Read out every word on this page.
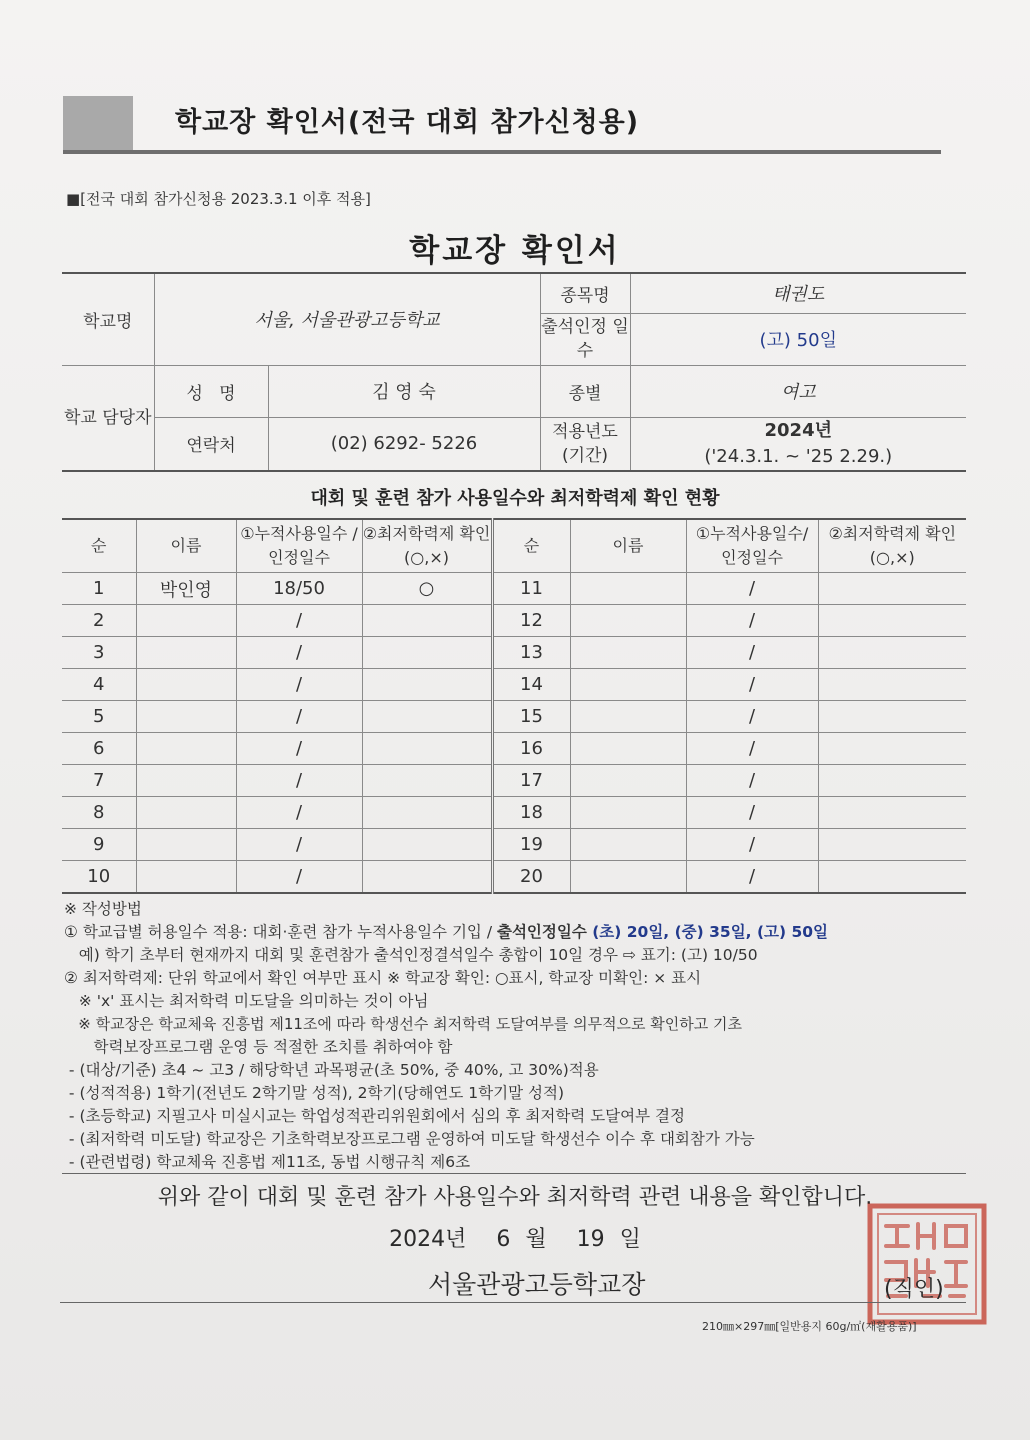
학교장 확인서(전국 대회 참가신청용)
■[전국 대회 참가신청용 2023.3.1 이후 적용]
학교장 확인서
학교명	서울, 서울관광고등학교		종목명	태권도
			출석인정 일수	(고) 50일
학교 담당자	성   명	김 영 숙	종별	여고
	연락처	(02) 6292- 5226	적용년도 (기간)	2024년
('24.3.1. ~ '25 2.29.)
대회 및 훈련 참가 사용일수와 최저학력제 확인 현황
순	이름	①누적사용일수 /인정일수	②최저학력제 확인(○,×)	순	이름	①누적사용일수/ 인정일수	②최저학력제 확인(○,×)
1	박인영	18/50	○	11		/	
2		/		12		/	
3		/		13		/	
4		/		14		/	
5		/		15		/	
6		/		16		/	
7		/		17		/	
8		/		18		/	
9		/		19		/	
10		/		20		/	
※ 작성방법
① 학교급별 허용일수 적용: 대회·훈련 참가 누적사용일수 기입 / 출석인정일수 (초) 20일, (중) 35일, (고) 50일
예) 학기 초부터 현재까지 대회 및 훈련참가 출석인정결석일수 총합이 10일 경우 ⇨ 표기: (고) 10/50
② 최저학력제: 단위 학교에서 확인 여부만 표시 ※ 학교장 확인: ○표시, 학교장 미확인: × 표시
※ 'x' 표시는 최저학력 미도달을 의미하는 것이 아님
※ 학교장은 학교체육 진흥법 제11조에 따라 학생선수 최저학력 도달여부를 의무적으로 확인하고 기초
학력보장프로그램 운영 등 적절한 조치를 취하여야 함
- (대상/기준) 초4 ~ 고3 / 해당학년 과목평균(초 50%, 중 40%, 고 30%)적용
- (성적적용) 1학기(전년도 2학기말 성적), 2학기(당해연도 1학기말 성적)
- (초등학교) 지필고사 미실시교는 학업성적관리위원회에서 심의 후 최저학력 도달여부 결정
- (최저학력 미도달) 학교장은 기초학력보장프로그램 운영하여 미도달 학생선수 이수 후 대회참가 가능
- (관련법령) 학교체육 진흥법 제11조, 동법 시행규칙 제6조
위와 같이 대회 및 훈련 참가 사용일수와 최저학력 관련 내용을 확인합니다.
2024년  6 월  19 일
서울관광고등학교장	(직인)
210㎜×297㎜[일반용지 60g/㎡(재활용품)]
